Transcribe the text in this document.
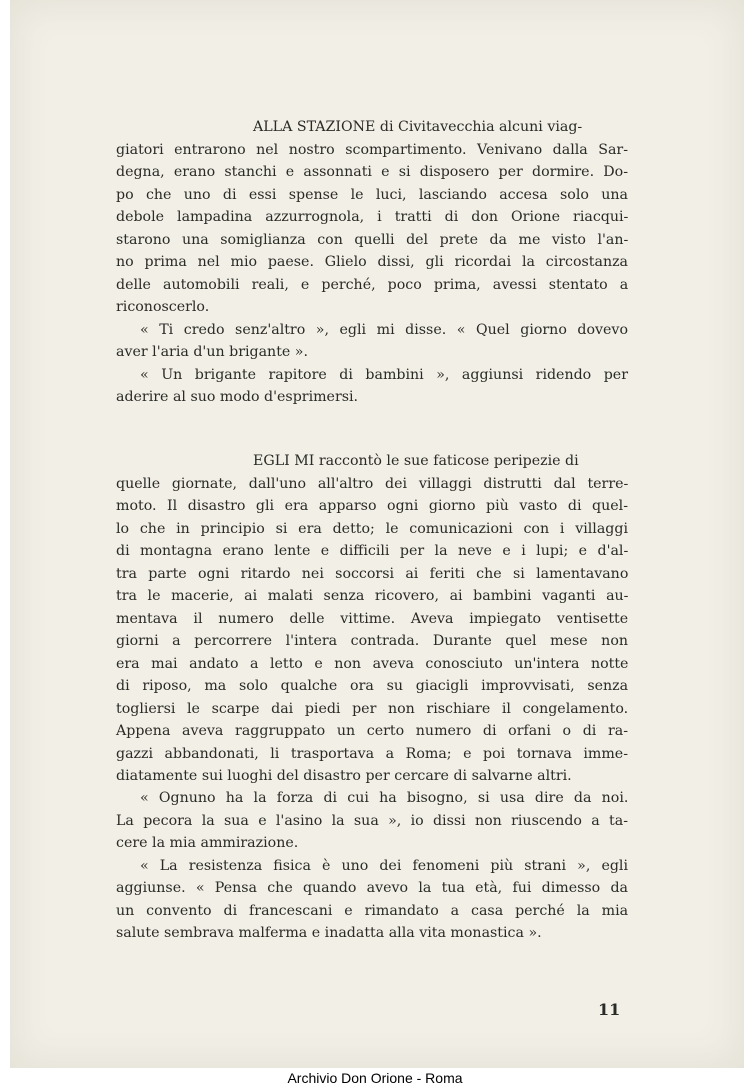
ALLA STAZIONE di Civitavecchia alcuni viag-
giatori entrarono nel nostro scompartimento. Venivano dalla Sar-
degna, erano stanchi e assonnati e si disposero per dormire. Do-
po che uno di essi spense le luci, lasciando accesa solo una
debole lampadina azzurrognola, i tratti di don Orione riacqui-
starono una somiglianza con quelli del prete da me visto l'an-
no prima nel mio paese. Glielo dissi, gli ricordai la circostanza
delle automobili reali, e perché, poco prima, avessi stentato a
riconoscerlo.
« Ti credo senz'altro », egli mi disse. « Quel giorno dovevo
aver l'aria d'un brigante ».
« Un brigante rapitore di bambini », aggiunsi ridendo per
aderire al suo modo d'esprimersi.
EGLI MI raccontò le sue faticose peripezie di
quelle giornate, dall'uno all'altro dei villaggi distrutti dal terre-
moto. Il disastro gli era apparso ogni giorno più vasto di quel-
lo che in principio si era detto; le comunicazioni con i villaggi
di montagna erano lente e difficili per la neve e i lupi; e d'al-
tra parte ogni ritardo nei soccorsi ai feriti che si lamentavano
tra le macerie, ai malati senza ricovero, ai bambini vaganti au-
mentava il numero delle vittime. Aveva impiegato ventisette
giorni a percorrere l'intera contrada. Durante quel mese non
era mai andato a letto e non aveva conosciuto un'intera notte
di riposo, ma solo qualche ora su giacigli improvvisati, senza
togliersi le scarpe dai piedi per non rischiare il congelamento.
Appena aveva raggruppato un certo numero di orfani o di ra-
gazzi abbandonati, li trasportava a Roma; e poi tornava imme-
diatamente sui luoghi del disastro per cercare di salvarne altri.
« Ognuno ha la forza di cui ha bisogno, si usa dire da noi.
La pecora la sua e l'asino la sua », io dissi non riuscendo a ta-
cere la mia ammirazione.
« La resistenza fisica è uno dei fenomeni più strani », egli
aggiunse. « Pensa che quando avevo la tua età, fui dimesso da
un convento di francescani e rimandato a casa perché la mia
salute sembrava malferma e inadatta alla vita monastica ».
11
Archivio Don Orione - Roma
